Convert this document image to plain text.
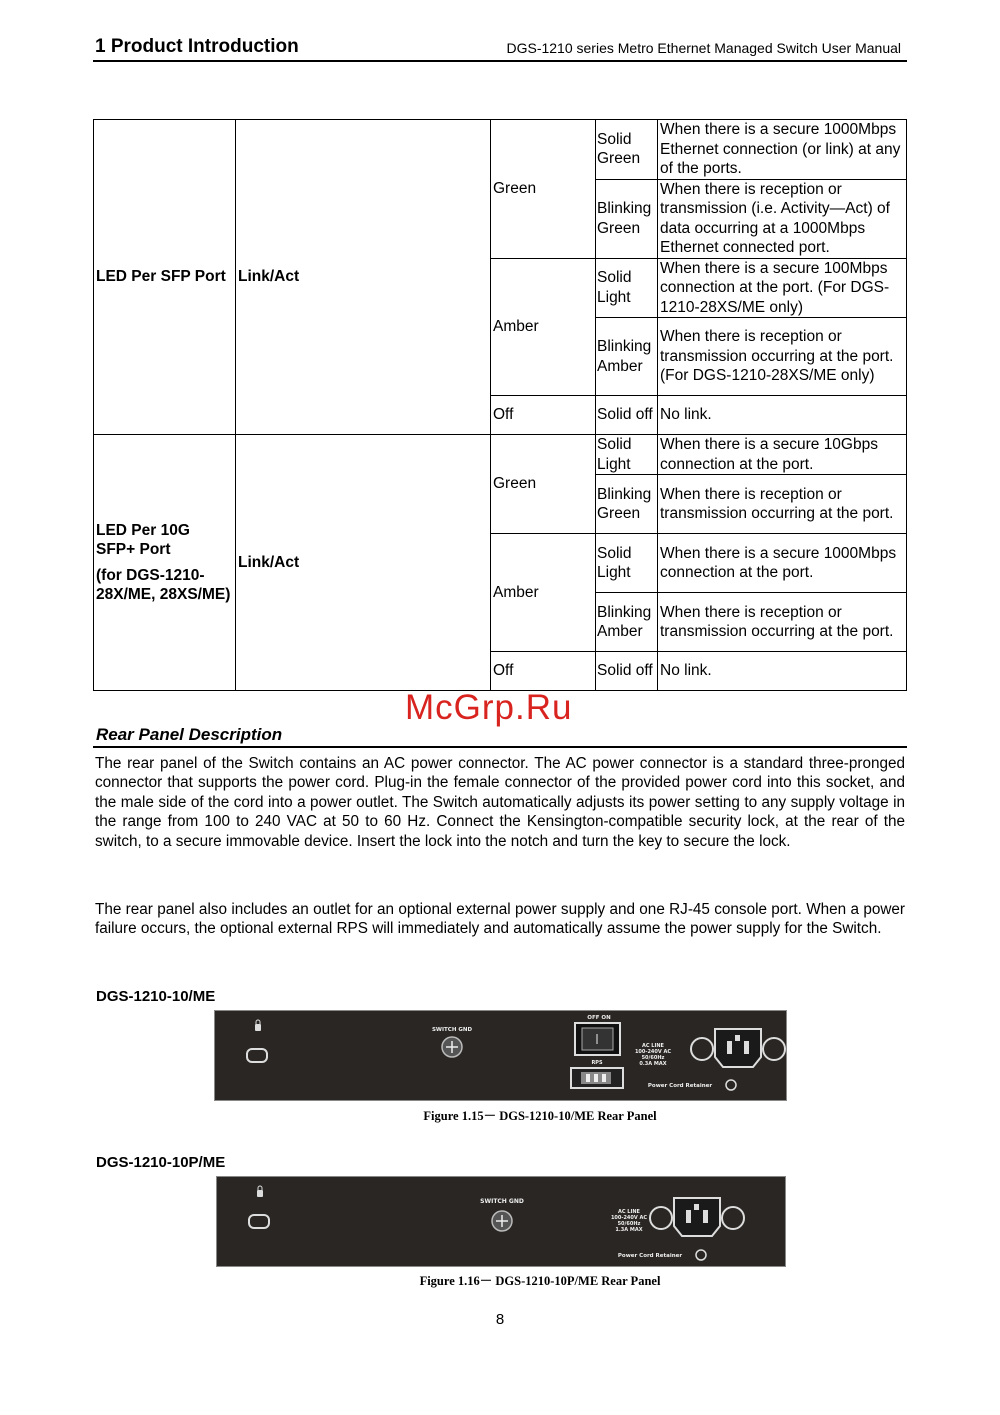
1 Product Introduction	DGS-1210 series Metro Ethernet Managed Switch User Manual
LED Per SFP Port	Link/Act	Green	Solid Green	When there is a secure 1000Mbps Ethernet connection (or link) at any of the ports.
			Blinking Green	When there is reception or transmission (i.e. Activity—Act) of data occurring at a 1000Mbps Ethernet connected port.
		Amber	Solid Light	When there is a secure 100Mbps connection at the port. (For DGS-1210-28XS/ME only)
			Blinking Amber	When there is reception or transmission occurring at the port. (For DGS-1210-28XS/ME only)
		Off	Solid off	No link.
LED Per 10G SFP+ Port
(for DGS-1210-28X/ME, 28XS/ME)	Link/Act	Green	Solid Light	When there is a secure 10Gbps connection at the port.
			Blinking Green	When there is reception or transmission occurring at the port.
		Amber	Solid Light	When there is a secure 1000Mbps connection at the port.
			Blinking Amber	When there is reception or transmission occurring at the port.
		Off	Solid off	No link.
McGrp.Ru
Rear Panel Description
The rear panel of the Switch contains an AC power connector. The AC power connector is a standard three-pronged connector that supports the power cord. Plug-in the female connector of the provided power cord into this socket, and the male side of the cord into a power outlet. The Switch automatically adjusts its power setting to any supply voltage in the range from 100 to 240 VAC at 50 to 60 Hz. Connect the Kensington-compatible security lock, at the rear of the switch, to a secure immovable device. Insert the lock into the notch and turn the key to secure the lock.
The rear panel also includes an outlet for an optional external power supply and one RJ-45 console port. When a power failure occurs, the optional external RPS will immediately and automatically assume the power supply for the Switch.
DGS-1210-10/ME
SWITCH GND
OFF ON
RPS
AC LINE
100-240V AC
50/60Hz
0.3A MAX
Power Cord Retainer
Figure 1.15－ DGS-1210-10/ME Rear Panel
DGS-1210-10P/ME
SWITCH GND
AC LINE
100-240V AC
50/60Hz
1.3A MAX
Power Cord Retainer
Figure 1.16－ DGS-1210-10P/ME Rear Panel
8
